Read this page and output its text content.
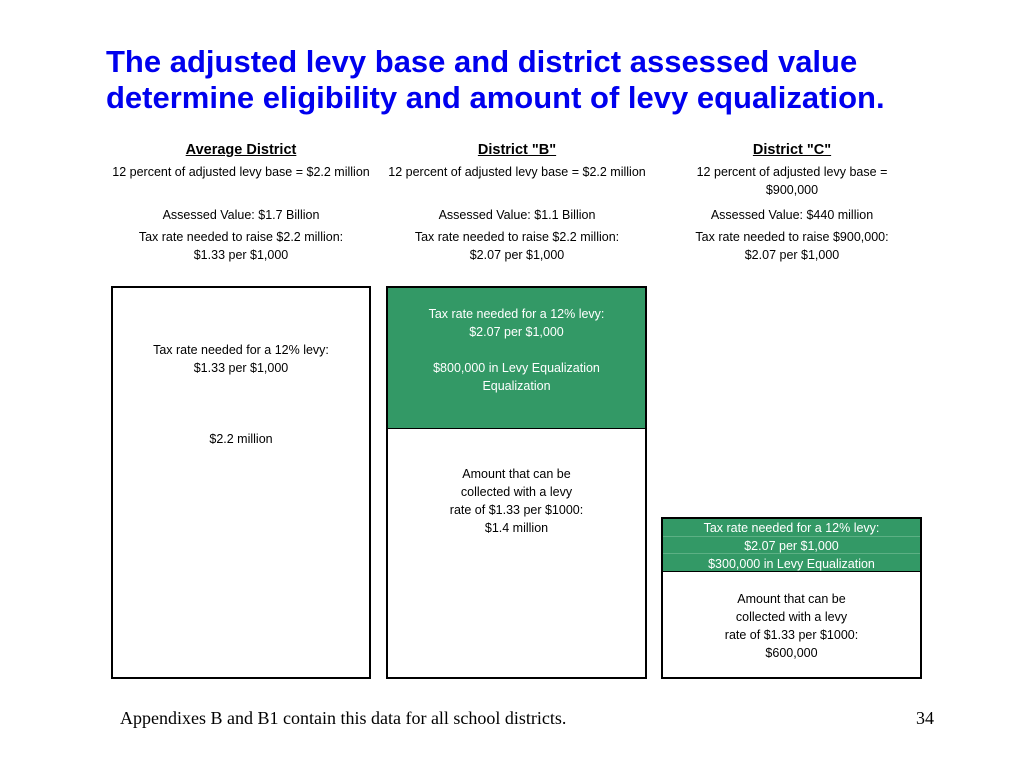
The adjusted levy base and district assessed value determine eligibility and amount of levy equalization.
Average District
12 percent of adjusted levy base = $2.2 million
Assessed Value: $1.7 Billion
Tax rate needed to raise $2.2 million:
$1.33 per $1,000
District "B"
12 percent of adjusted levy base = $2.2 million
Assessed Value: $1.1 Billion
Tax rate needed to raise $2.2 million:
$2.07 per $1,000
District "C"
12 percent of adjusted levy base = $900,000
Assessed Value: $440 million
Tax rate needed to raise $900,000:
$2.07 per $1,000
Tax rate needed for a 12% levy:
$1.33 per $1,000
$2.2 million
Tax rate needed for a 12% levy:
$2.07 per $1,000
$800,000 in Levy Equalization
Equalization
Amount that can be
collected with a levy
rate of $1.33 per $1000:
$1.4 million	Tax rate needed for a 12% levy:
$2.07 per $1,000
$300,000 in Levy Equalization
Amount that can be
collected with a levy
rate of $1.33 per $1000:
$600,000
Appendixes B and B1 contain this data for all school districts.	34
